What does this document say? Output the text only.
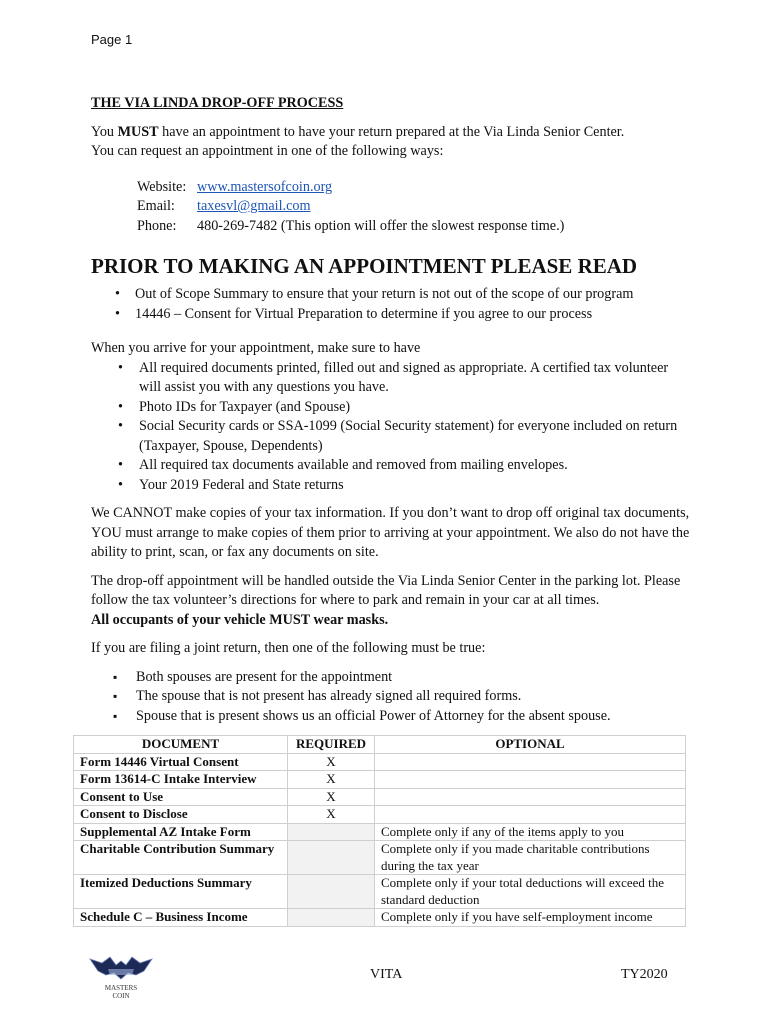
Page 1
THE VIA LINDA DROP-OFF PROCESS

You MUST have an appointment to have your return prepared at the Via Linda Senior Center.

You can request an appointment in one of the following ways:

Website: www.mastersofcoin.org
Email:	taxesvl@gmail.com
Phone:	480-269-7482 (This option will offer the slowest response time.)
PRIOR TO MAKING AN APPOINTMENT PLEASE READ
• Out of Scope Summary to ensure that your return is not out of the scope of our program
• 14446 – Consent for Virtual Preparation to determine if you agree to our process

When you arrive for your appointment, make sure to have

• All required documents printed, filled out and signed as appropriate. A certified tax volunteer will assist you with any questions you have.
• Photo IDs for Taxpayer (and Spouse)
• Social Security cards or SSA-1099 (Social Security statement) for everyone included on return (Taxpayer, Spouse, Dependents)
• All required tax documents available and removed from mailing envelopes.
• Your 2019 Federal and State returns

We CANNOT make copies of your tax information. If you don’t want to drop off original tax documents, YOU must arrange to make copies of them prior to arriving at your appointment. We also do not have the ability to print, scan, or fax any documents on site.

The drop-off appointment will be handled outside the Via Linda Senior Center in the parking lot. Please follow the tax volunteer’s directions for where to park and remain in your car at all times.

All occupants of your vehicle MUST wear masks.

If you are filing a joint return, then one of the following must be true:

▪ Both spouses are present for the appointment
▪ The spouse that is not present has already signed all required forms.
▪ Spouse that is present shows us an official Power of Attorney for the absent spouse.
DOCUMENT	REQUIRED	OPTIONAL
Form 14446 Virtual Consent	X	
Form 13614-C Intake Interview	X	
Consent to Use	X	
Consent to Disclose	X	
Supplemental AZ Intake Form		Complete only if any of the items apply to you
Charitable Contribution Summary		Complete only if you made charitable contributions during the tax year
Itemized Deductions Summary		Complete only if your total deductions will exceed the standard deduction
Schedule C – Business Income		Complete only if you have self-employment income
MASTERS
COIN
VITA	TY2020
